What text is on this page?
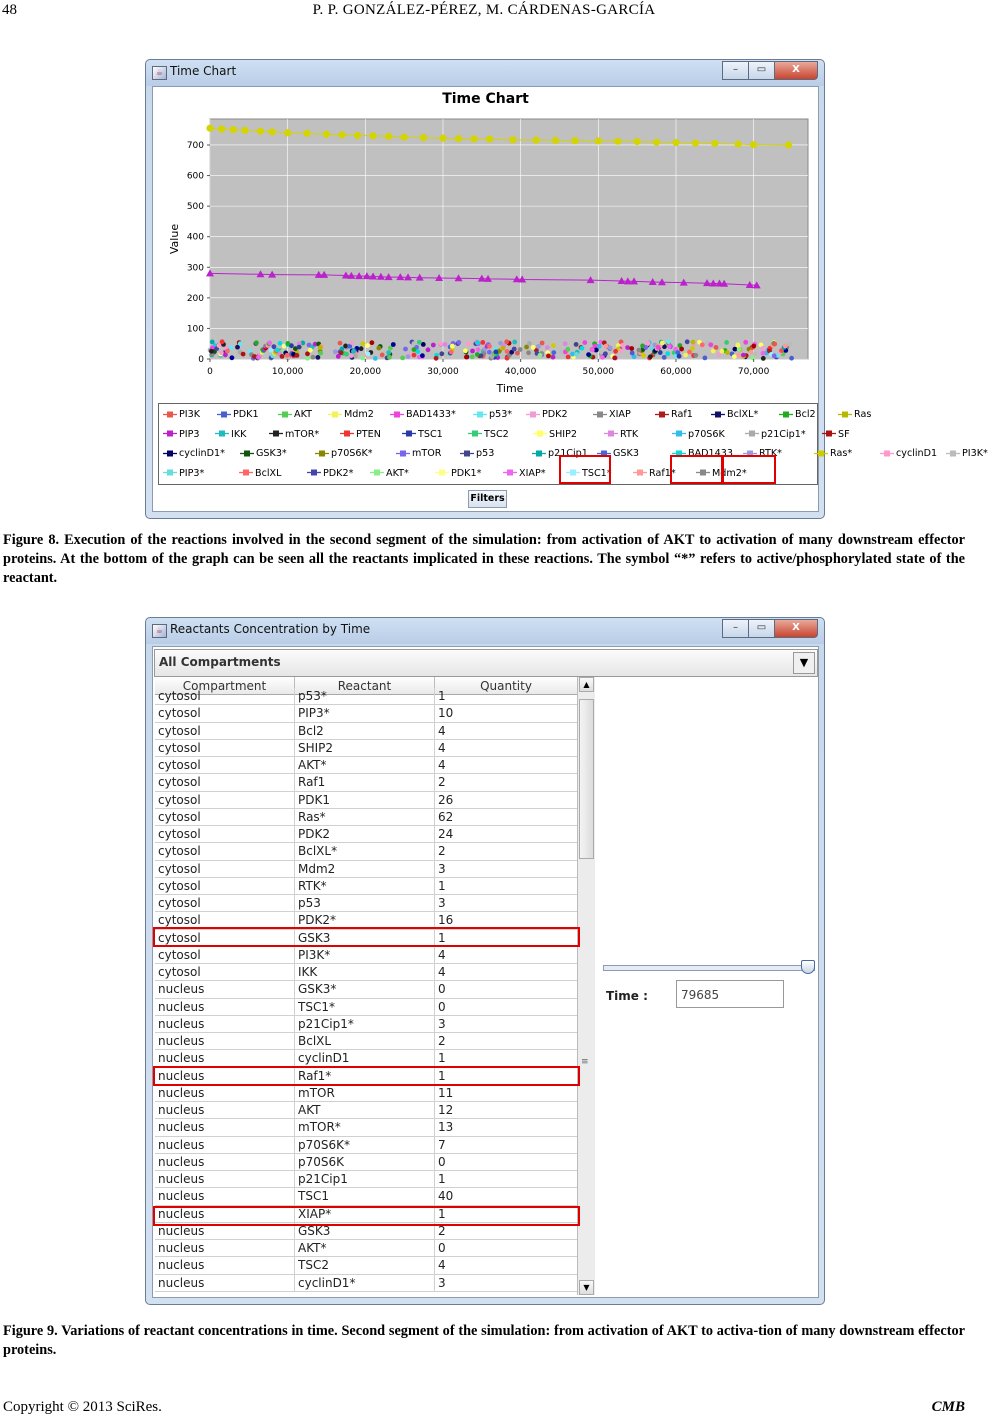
48	P. P. GONZÁLEZ-PÉREZ, M. CÁRDENAS-GARCÍA
☕ Time Chart	–	▭	X
Time Chart
0	10,000	20,000	30,000	40,000	50,000	60,000	70,000
0
100
200
300
400
500
600
700
Time
Value
PI3K	PDK1	AKT	Mdm2	BAD1433*	p53*	PDK2	XIAP	Raf1	BclXL*	Bcl2	Ras
PIP3	IKK	mTOR*	PTEN	TSC1	TSC2	SHIP2	RTK	p70S6K	p21Cip1*	SF
cyclinD1*	GSK3*	p70S6K*	mTOR	p53	p21Cip1	GSK3	BAD1433	RTK*	Ras*	cyclinD1	PI3K*
PIP3*	BclXL	PDK2*	AKT*	PDK1*	XIAP*	TSC1*	Raf1*	Mdm2*
Filters
Figure 8. Execution of the reactions involved in the second segment of the simulation: from activation of AKT to activation of many downstream effector proteins. At the bottom of the graph can be seen all the reactants implicated in these reactions. The symbol “*” refers to active/phosphorylated state of the reactant.
☕ Reactants Concentration by Time	–	▭	X
All Compartments	▼
Compartment	Reactant	Quantity
cytosol	p53*	1
cytosol	PIP3*	10
cytosol	Bcl2	4
cytosol	SHIP2	4
cytosol	AKT*	4
cytosol	Raf1	2
cytosol	PDK1	26
cytosol	Ras*	62
cytosol	PDK2	24
cytosol	BclXL*	2
cytosol	Mdm2	3
cytosol	RTK*	1
cytosol	p53	3
cytosol	PDK2*	16
cytosol	GSK3	1
cytosol	PI3K*	4
cytosol	IKK	4
nucleus	GSK3*	0
nucleus	TSC1*	0
nucleus	p21Cip1*	3
nucleus	BclXL	2
nucleus	cyclinD1	1
nucleus	Raf1*	1
nucleus	mTOR	11
nucleus	AKT	12
nucleus	mTOR*	13
nucleus	p70S6K*	7
nucleus	p70S6K	0
nucleus	p21Cip1	1
nucleus	TSC1	40
nucleus	XIAP*	1
nucleus	GSK3	2
nucleus	AKT*	0
nucleus	TSC2	4
nucleus	cyclinD1*	3
▲
≡
▼
Time :	79685
Figure 9. Variations of reactant concentrations in time. Second segment of the simulation: from activation of AKT to activa-tion of many downstream effector proteins.
Copyright © 2013 SciRes.	CMB
